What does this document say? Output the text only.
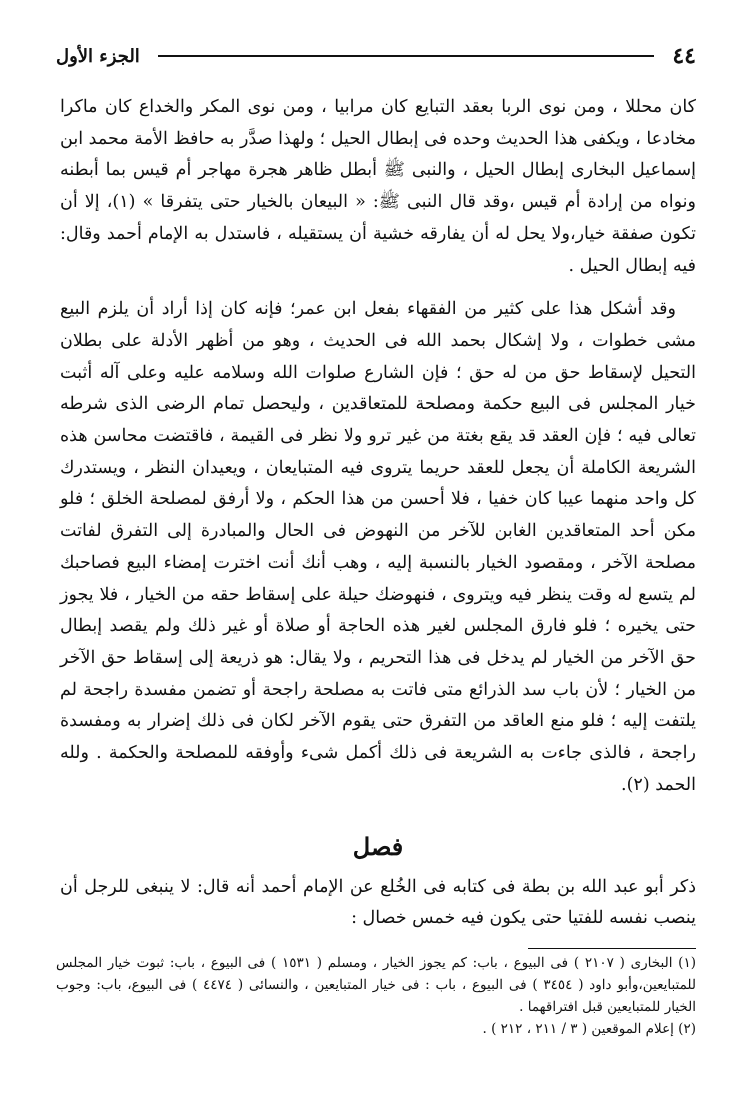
٤٤
الجزء الأول

كان محللا ، ومن نوى الربا بعقد التبايع كان مرابيا ، ومن نوى المكر والخداع كان ماكرا مخادعا ، ويكفى هذا الحديث وحده فى إبطال الحيل ؛ ولهذا صدَّر به حافظ الأمة محمد ابن إسماعيل البخارى إبطال الحيل ، والنبى ﷺ أبطل ظاهر هجرة مهاجر أم قيس بما أبطنه ونواه من إرادة أم قيس ،وقد قال النبى ﷺ: « البيعان بالخيار حتى يتفرقا » (١)، إلا أن تكون صفقة خيار،ولا يحل له أن يفارقه خشية أن يستقيله ، فاستدل به الإمام أحمد وقال: فيه إبطال الحيل .

وقد أشكل هذا على كثير من الفقهاء بفعل ابن عمر؛ فإنه كان إذا أراد أن يلزم البيع مشى خطوات ، ولا إشكال بحمد الله فى الحديث ، وهو من أظهر الأدلة على بطلان التحيل لإسقاط حق من له حق ؛ فإن الشارع صلوات الله وسلامه عليه وعلى آله أثبت خيار المجلس فى البيع حكمة ومصلحة للمتعاقدين ، وليحصل تمام الرضى الذى شرطه تعالى فيه ؛ فإن العقد قد يقع بغتة من غير ترو ولا نظر فى القيمة ، فاقتضت محاسن هذه الشريعة الكاملة أن يجعل للعقد حريما يتروى فيه المتبايعان ، ويعيدان النظر ، ويستدرك كل واحد منهما عيبا كان خفيا ، فلا أحسن من هذا الحكم ، ولا أرفق لمصلحة الخلق ؛ فلو مكن أحد المتعاقدين الغابن للآخر من النهوض فى الحال والمبادرة إلى التفرق لفاتت مصلحة الآخر ، ومقصود الخيار بالنسبة إليه ، وهب أنك أنت اخترت إمضاء البيع فصاحبك لم يتسع له وقت ينظر فيه ويتروى ، فنهوضك حيلة على إسقاط حقه من الخيار ، فلا يجوز حتى يخيره ؛ فلو فارق المجلس لغير هذه الحاجة أو صلاة أو غير ذلك ولم يقصد إبطال حق الآخر من الخيار لم يدخل فى هذا التحريم ، ولا يقال: هو ذريعة إلى إسقاط حق الآخر من الخيار ؛ لأن باب سد الذرائع متى فاتت به مصلحة راجحة أو تضمن مفسدة راجحة لم يلتفت إليه ؛ فلو منع العاقد من التفرق حتى يقوم الآخر لكان فى ذلك إضرار به ومفسدة راجحة ، فالذى جاءت به الشريعة فى ذلك أكمل شىء وأوفقه للمصلحة والحكمة . ولله الحمد (٢).

فصل
ذكر أبو عبد الله بن بطة فى كتابه فى الخُلع عن الإمام أحمد أنه قال: لا ينبغى للرجل أن ينصب نفسه للفتيا حتى يكون فيه خمس خصال :

(١) البخارى ( ٢١٠٧ ) فى البيوع ، باب: كم يجوز الخيار ، ومسلم ( ١٥٣١ ) فى البيوع ، باب: ثبوت خيار المجلس للمتبايعين،وأبو داود ( ٣٤٥٤ ) فى البيوع ، باب : فى خيار المتبايعين ، والنسائى ( ٤٤٧٤ ) فى البيوع، باب: وجوب الخيار للمتبايعين قبل افتراقهما .

(٢) إعلام الموقعين ( ٣ / ٢١١ ، ٢١٢ ) .
